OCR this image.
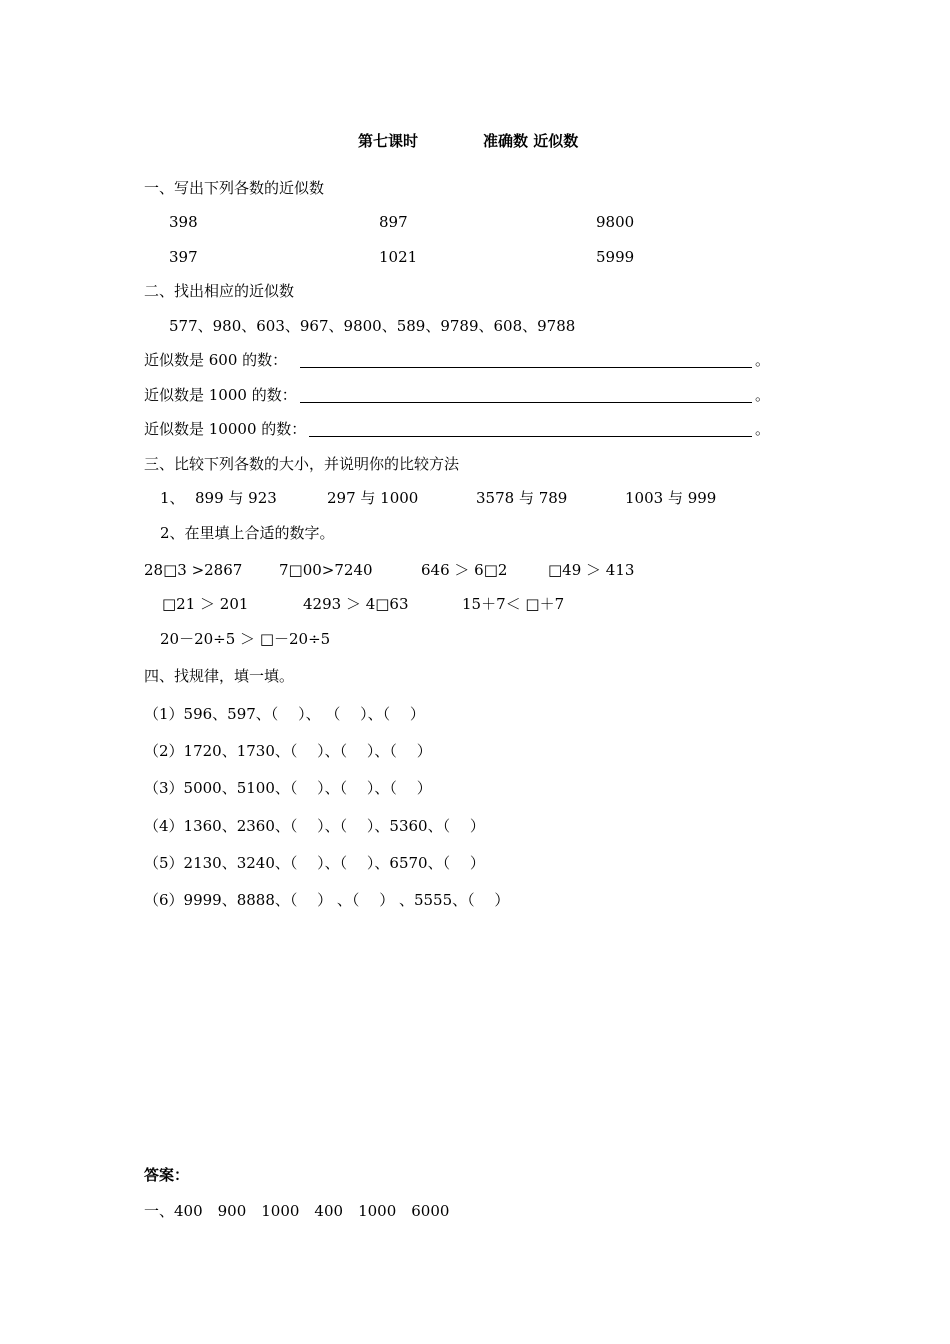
第七课时	准确数 近似数
一、写出下列各数的近似数
398	897	9800
397	1021	5999
二、找出相应的近似数
577、980、603、967、9800、589、9789、608、9788
近似数是 600 的数：	。
近似数是 1000 的数：	。
近似数是 10000 的数：	。
三、比较下列各数的大小，并说明你的比较方法
1、 899 与 923	297 与 1000	3578 与 789	1003 与 999
2、在里填上合适的数字。
28□3 >2867 7□00>7240	646 ＞ 6□2	□49 ＞ 413
□21 ＞ 201	4293 ＞ 4□63	15＋7＜ □＋7
20－20÷5 ＞ □－20÷5
四、找规律，填一填。
（1）596、597、（　 ）、 （　 ）、（　 ）
（2）1720、1730、（　 ）、（　 ）、（　 ）
（3）5000、5100、（　 ）、（　 ）、（　 ）
（4）1360、2360、（　 ）、（　 ）、5360、（　 ）
（5）2130、3240、（　 ）、（　 ）、6570、（　 ）
（6）9999、8888、（　 ） 、（　 ） 、5555、（　 ）
答案：
一、400　900　1000　400　1000　6000
